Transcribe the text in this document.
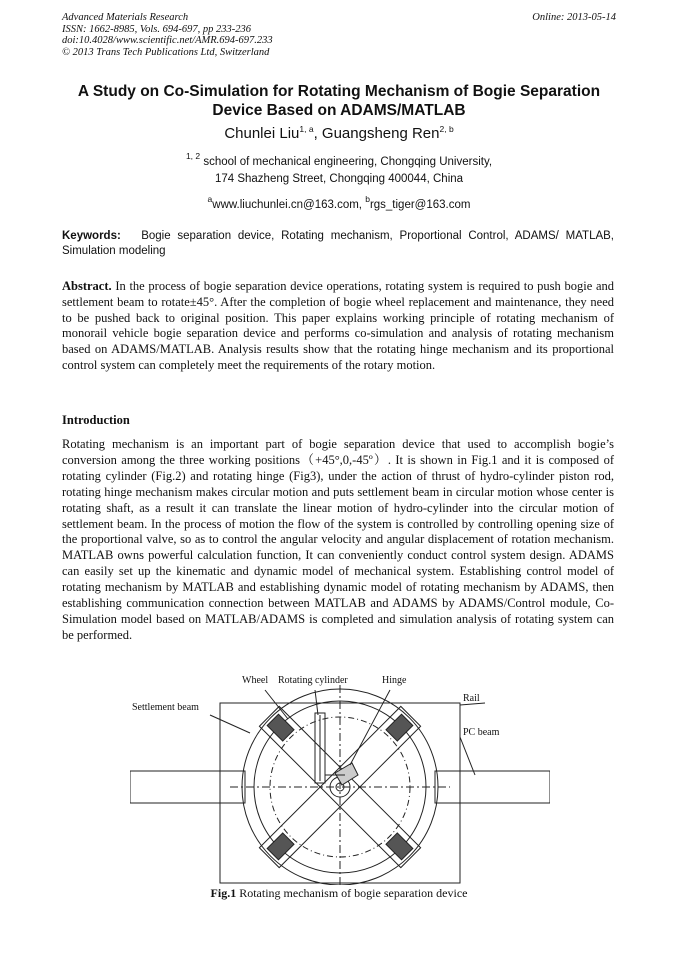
Advanced Materials Research
ISSN: 1662-8985, Vols. 694-697, pp 233-236
doi:10.4028/www.scientific.net/AMR.694-697.233
© 2013 Trans Tech Publications Ltd, Switzerland
Online: 2013-05-14
A Study on Co-Simulation for Rotating Mechanism of Bogie Separation Device Based on ADAMS/MATLAB
Chunlei Liu$^{1, a}$, Guangsheng Ren$^{2, b}$
$^{1, 2}$ school of mechanical engineering, Chongqing University,
174 Shazheng Street, Chongqing 400044, China
$^a$www.liuchunlei.cn@163.com, $^b$rgs_tiger@163.com
Keywords: Bogie separation device, Rotating mechanism, Proportional Control, ADAMS/ MATLAB, Simulation modeling
Abstract. In the process of bogie separation device operations, rotating system is required to push bogie and settlement beam to rotate±45°. After the completion of bogie wheel replacement and maintenance, they need to be pushed back to original position. This paper explains working principle of rotating mechanism of monorail vehicle bogie separation device and performs co-simulation and analysis of rotating mechanism based on ADAMS/MATLAB. Analysis results show that the rotating hinge mechanism and its proportional control system can completely meet the requirements of the rotary motion.
Introduction
Rotating mechanism is an important part of bogie separation device that used to accomplish bogie’s conversion among the three working positions（+45°,0,-45º）. It is shown in Fig.1 and it is composed of rotating cylinder (Fig.2) and rotating hinge (Fig3), under the action of thrust of hydro-cylinder piston rod, rotating hinge mechanism makes circular motion and puts settlement beam in circular motion whose center is rotating shaft, as a result it can translate the linear motion of hydro-cylinder into the circular motion of settlement beam. In the process of motion the flow of the system is controlled by controlling opening size of the proportional valve, so as to control the angular velocity and angular displacement of rotation mechanism. MATLAB owns powerful calculation function, It can conveniently conduct control system design. ADAMS can easily set up the kinematic and dynamic model of mechanical system. Establishing control model of rotating mechanism by MATLAB and establishing dynamic model of rotating mechanism by ADAMS, then establishing communication connection between MATLAB and ADAMS by ADAMS/Control module, Co-Simulation model based on MATLAB/ADAMS is completed and simulation analysis of rotating system can be performed.
Wheel Rotating cylinder	Hinge
Rail
Settlement beam
PC beam
Fig.1 Rotating mechanism of bogie separation device
